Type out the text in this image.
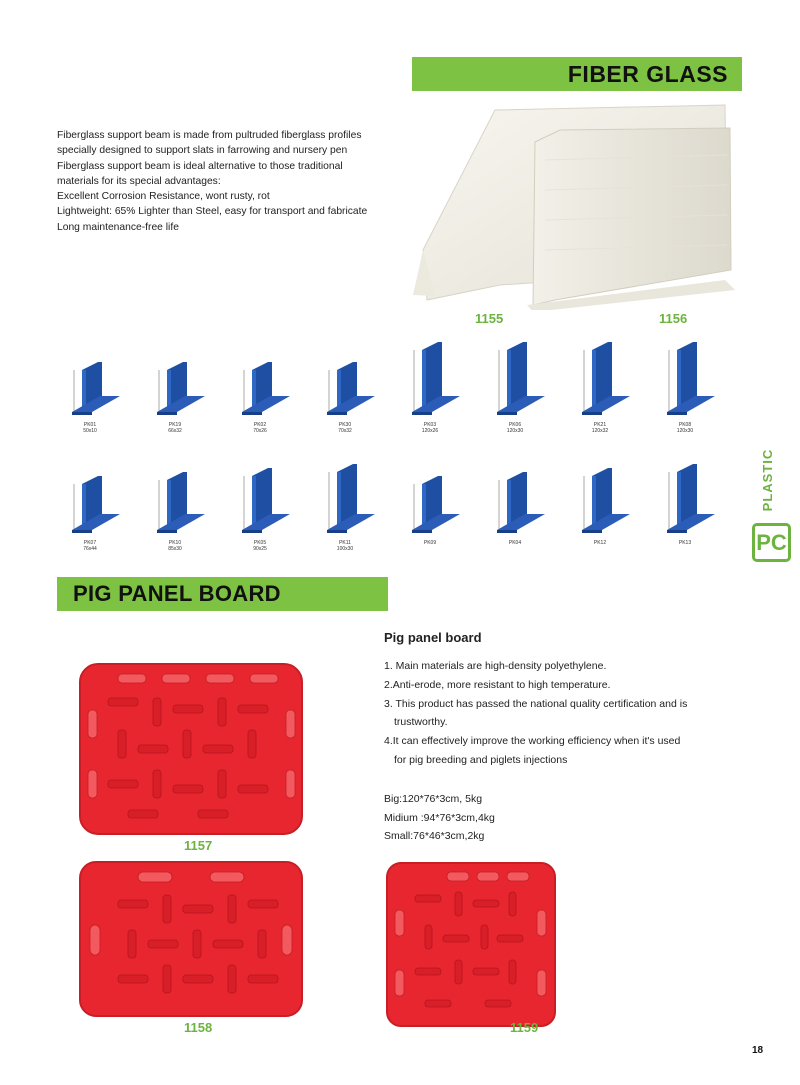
FIBER GLASS
Fiberglass support beam is made from pultruded fiberglass profiles
specially designed to support slats in farrowing and nursery pen
Fiberglass support beam is ideal alternative to those traditional
materials for its special advantages:
Excellent Corrosion Resistance, wont rusty, rot
Lightweight: 65% Lighter than Steel, easy for transport and fabricate
Long maintenance-free life
1155	1156
PK01
50x10
PK19
66x32
PK02
70x26
PK30
70x32
PK03
120x26
PK06
120x30
PK21
120x32
PK08
120x30
PK07
76x44
PK10
85x30
PK05
90x25
PK11
100x30
PK09	PK04	PK12	PK13
PLASTIC
PC
PIG PANEL BOARD
Pig panel board
1. Main materials are high-density polyethylene.
2.Anti-erode, more resistant to high temperature.
3. This product has passed the national quality certification and is
trustworthy.
4.It can effectively improve the working efficiency when it's used
for pig breeding and piglets injections
Big:120*76*3cm, 5kg
Midium :94*76*3cm,4kg
Small:76*46*3cm,2kg
1157
1158	1159
18
